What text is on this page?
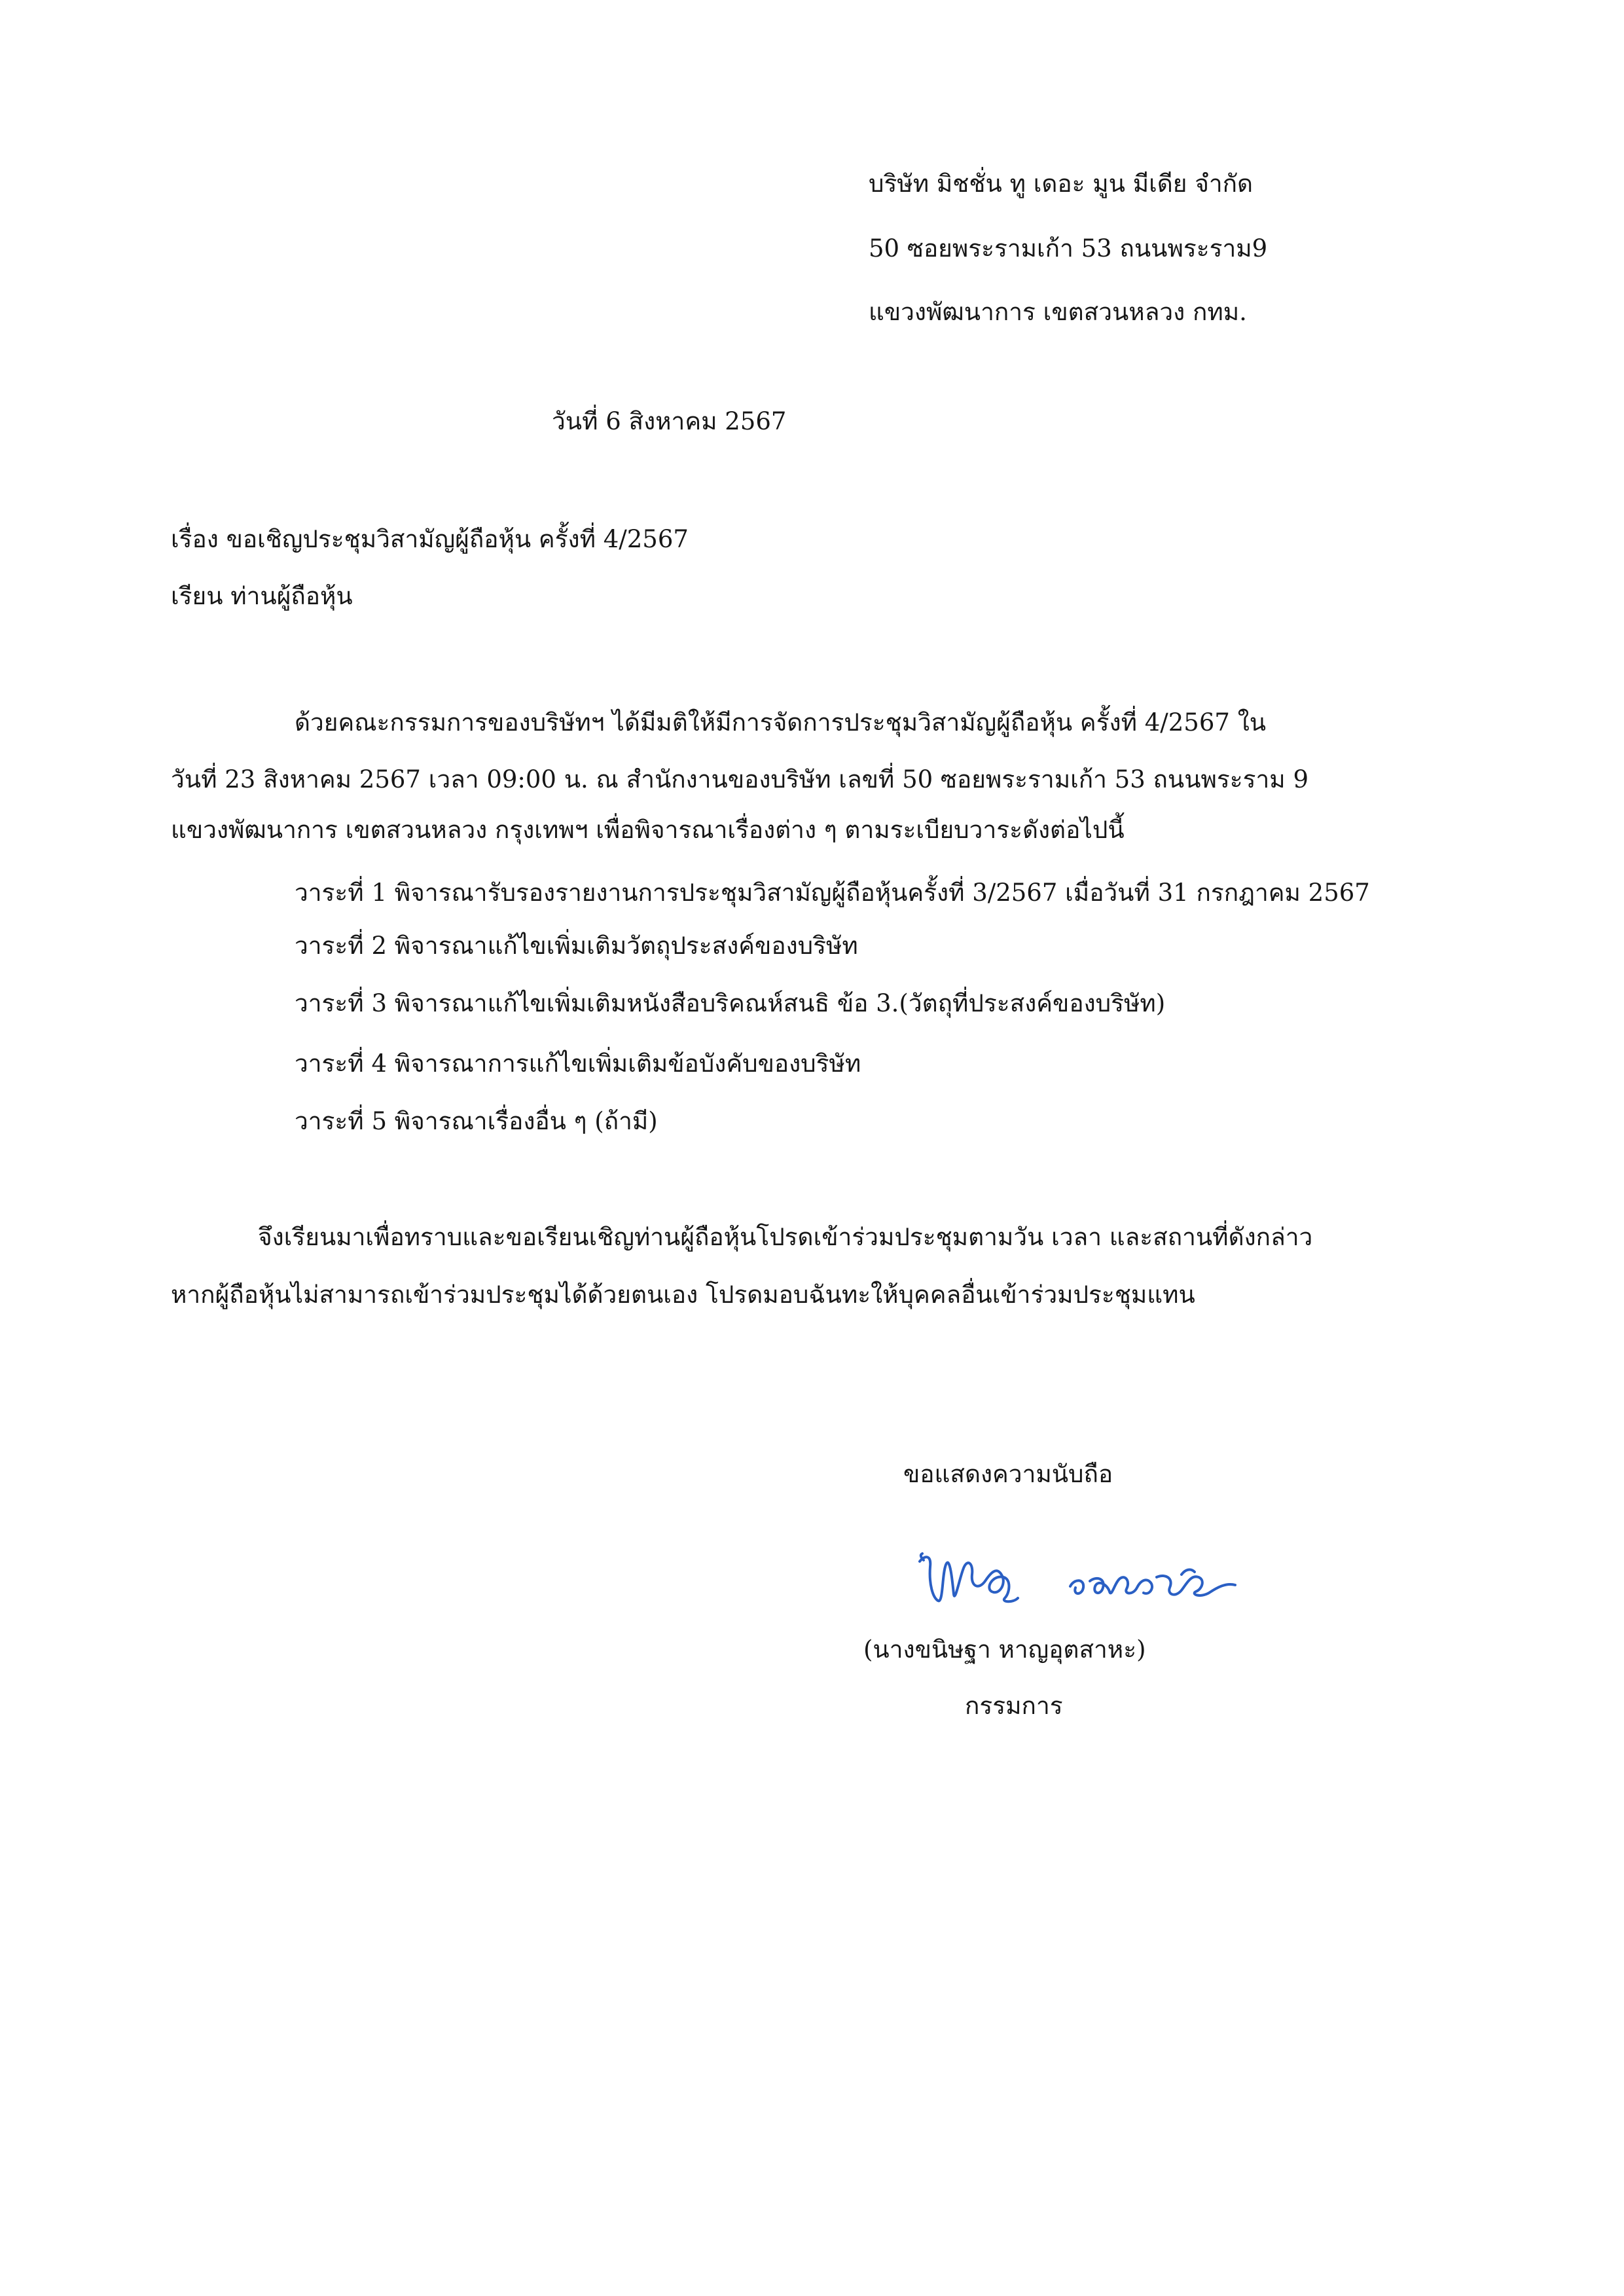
บริษัท มิชชั่น ทู เดอะ มูน มีเดีย จำกัด
50 ซอยพระรามเก้า 53 ถนนพระราม9
แขวงพัฒนาการ เขตสวนหลวง กทม.
วันที่ 6 สิงหาคม 2567
เรื่อง ขอเชิญประชุมวิสามัญผู้ถือหุ้น ครั้งที่ 4/2567
เรียน ท่านผู้ถือหุ้น
ด้วยคณะกรรมการของบริษัทฯ ได้มีมติให้มีการจัดการประชุมวิสามัญผู้ถือหุ้น ครั้งที่ 4/2567 ใน
วันที่ 23 สิงหาคม 2567 เวลา 09:00 น. ณ สำนักงานของบริษัท เลขที่ 50 ซอยพระรามเก้า 53 ถนนพระราม 9
แขวงพัฒนาการ เขตสวนหลวง กรุงเทพฯ เพื่อพิจารณาเรื่องต่าง ๆ ตามระเบียบวาระดังต่อไปนี้
วาระที่ 1 พิจารณารับรองรายงานการประชุมวิสามัญผู้ถือหุ้นครั้งที่ 3/2567 เมื่อวันที่ 31 กรกฎาคม 2567
วาระที่ 2 พิจารณาแก้ไขเพิ่มเติมวัตถุประสงค์ของบริษัท
วาระที่ 3 พิจารณาแก้ไขเพิ่มเติมหนังสือบริคณห์สนธิ ข้อ 3.(วัตถุที่ประสงค์ของบริษัท)
วาระที่ 4 พิจารณาการแก้ไขเพิ่มเติมข้อบังคับของบริษัท
วาระที่ 5 พิจารณาเรื่องอื่น ๆ (ถ้ามี)
จึงเรียนมาเพื่อทราบและขอเรียนเชิญท่านผู้ถือหุ้นโปรดเข้าร่วมประชุมตามวัน เวลา และสถานที่ดังกล่าว
หากผู้ถือหุ้นไม่สามารถเข้าร่วมประชุมได้ด้วยตนเอง โปรดมอบฉันทะให้บุคคลอื่นเข้าร่วมประชุมแทน
ขอแสดงความนับถือ
(นางขนิษฐา หาญอุตสาหะ)
กรรมการ
